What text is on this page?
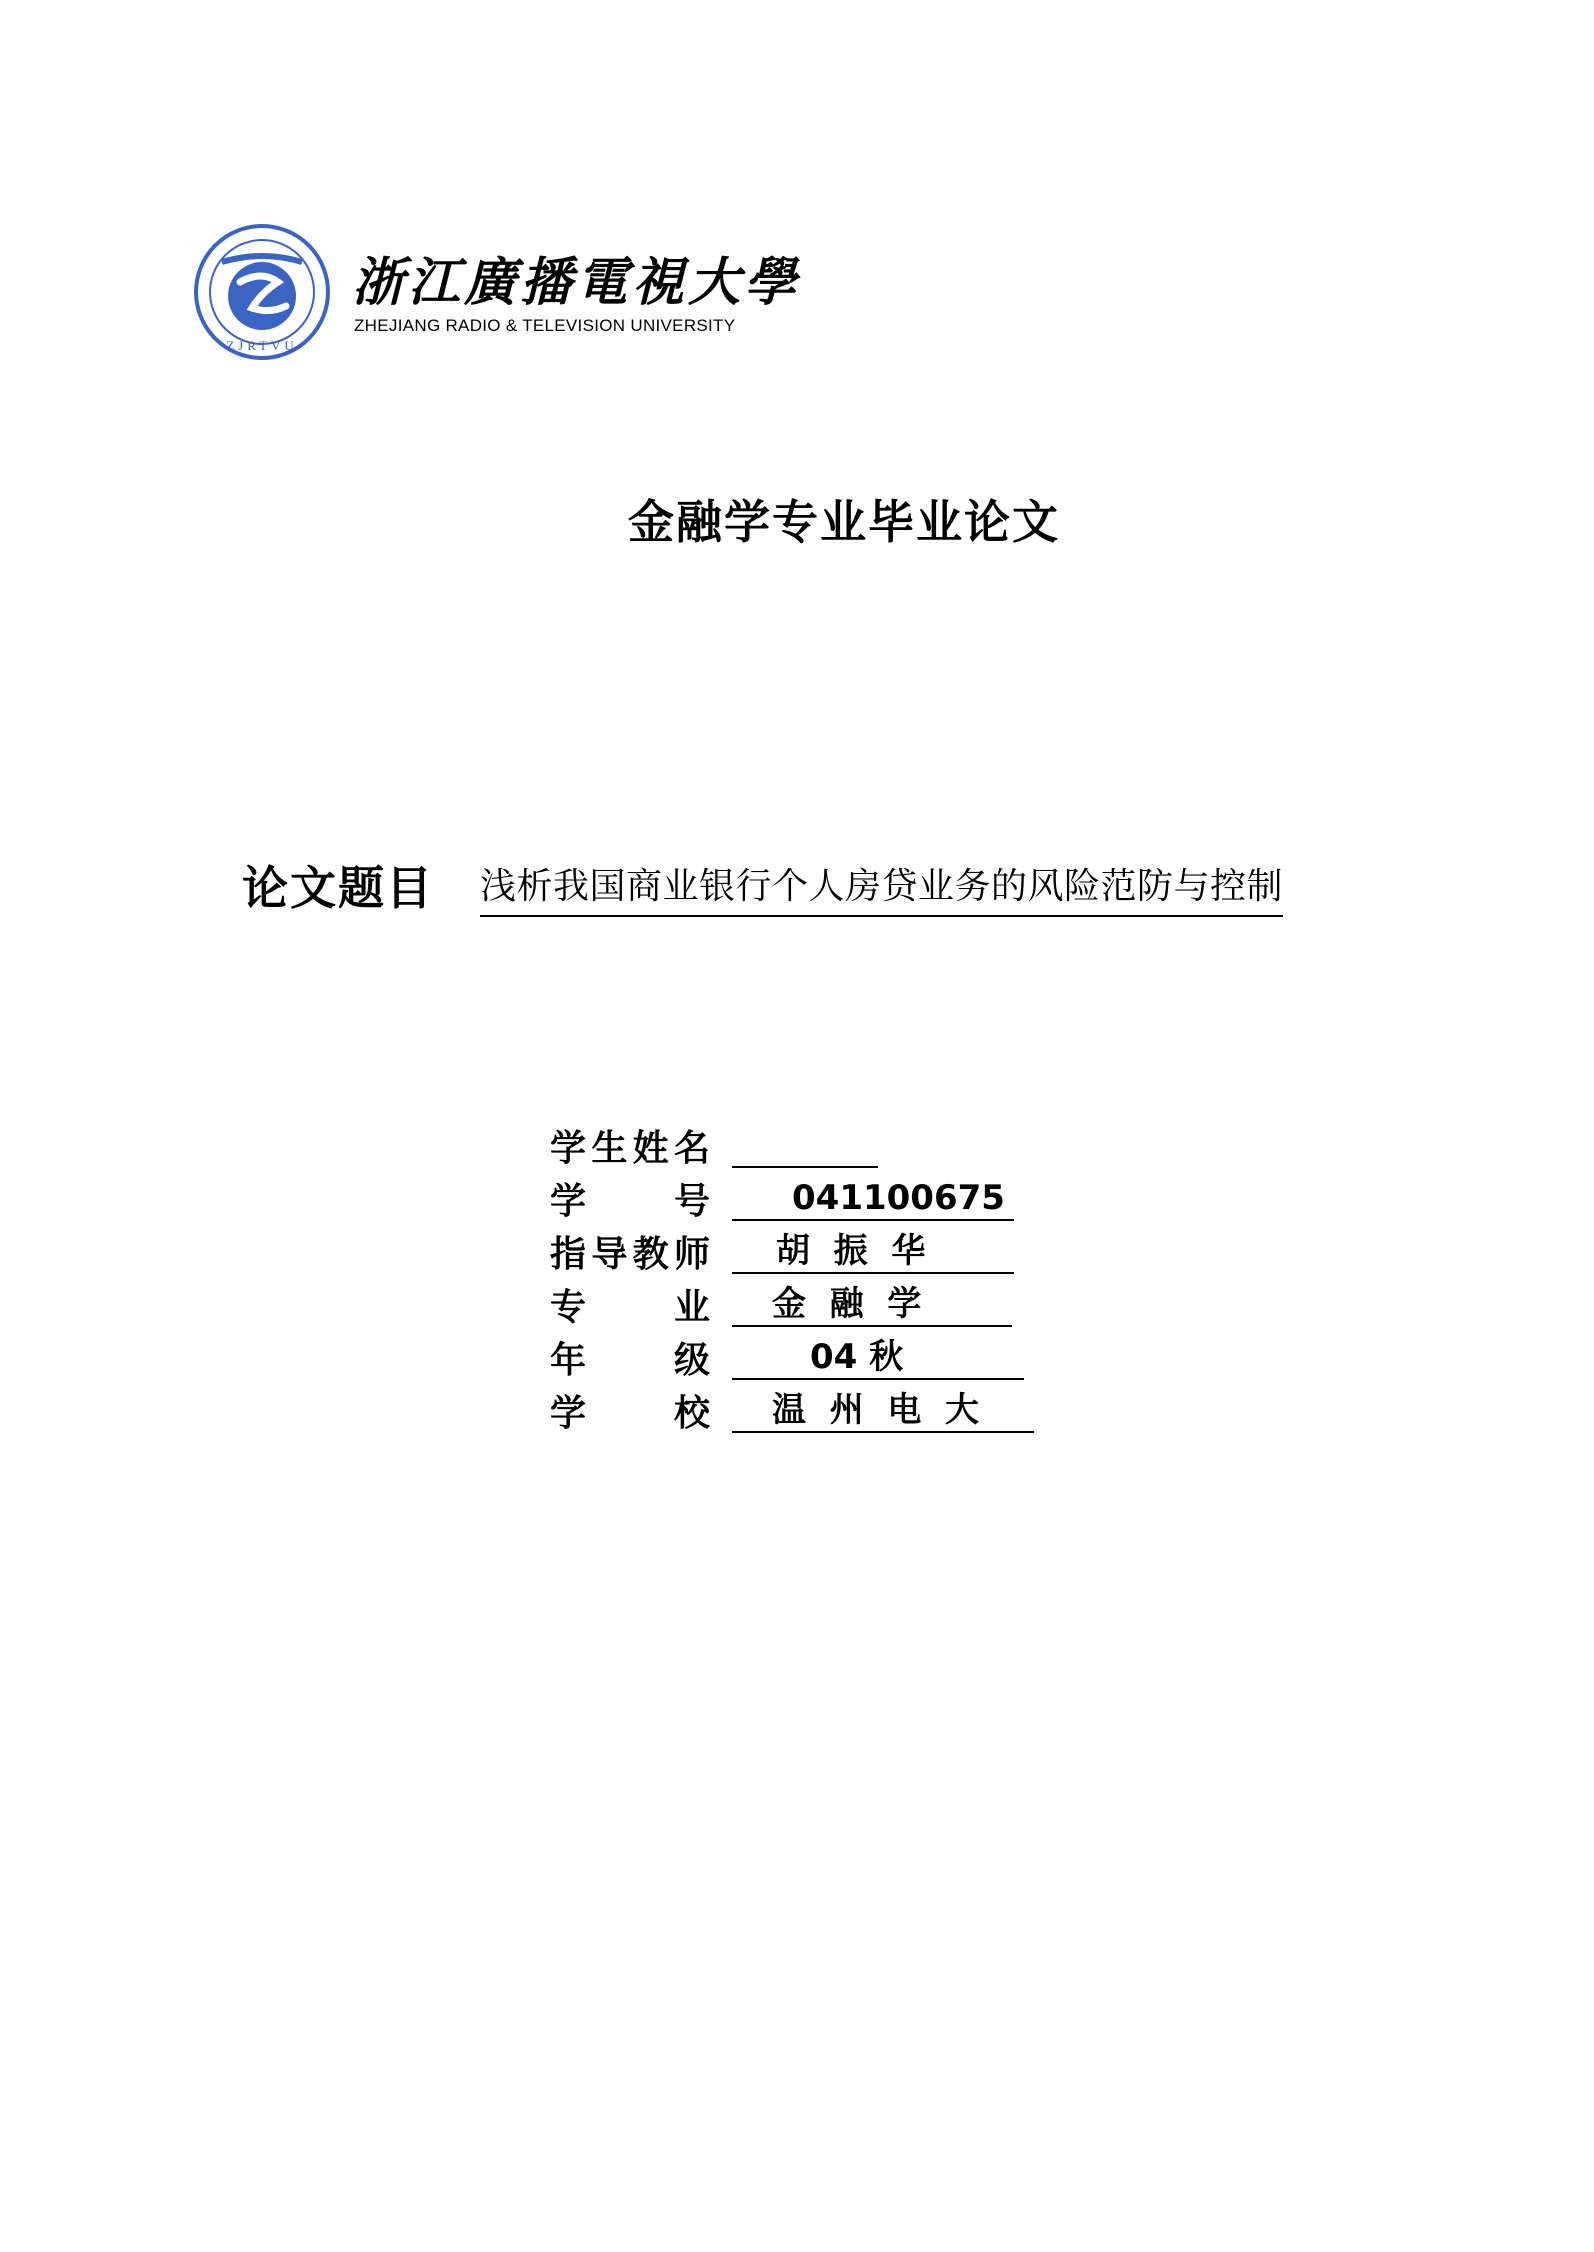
ZJRTVU
浙江廣播電視大學
ZHEJIANG RADIO & TELEVISION UNIVERSITY
金融学专业毕业论文
论文题目 浅析我国商业银行个人房贷业务的风险范防与控制
学 生 姓 名
学 号	041100675
指 导 教 师	胡  振  华
专 业	金  融  学
年 级	04 秋
学 校	温  州  电  大
